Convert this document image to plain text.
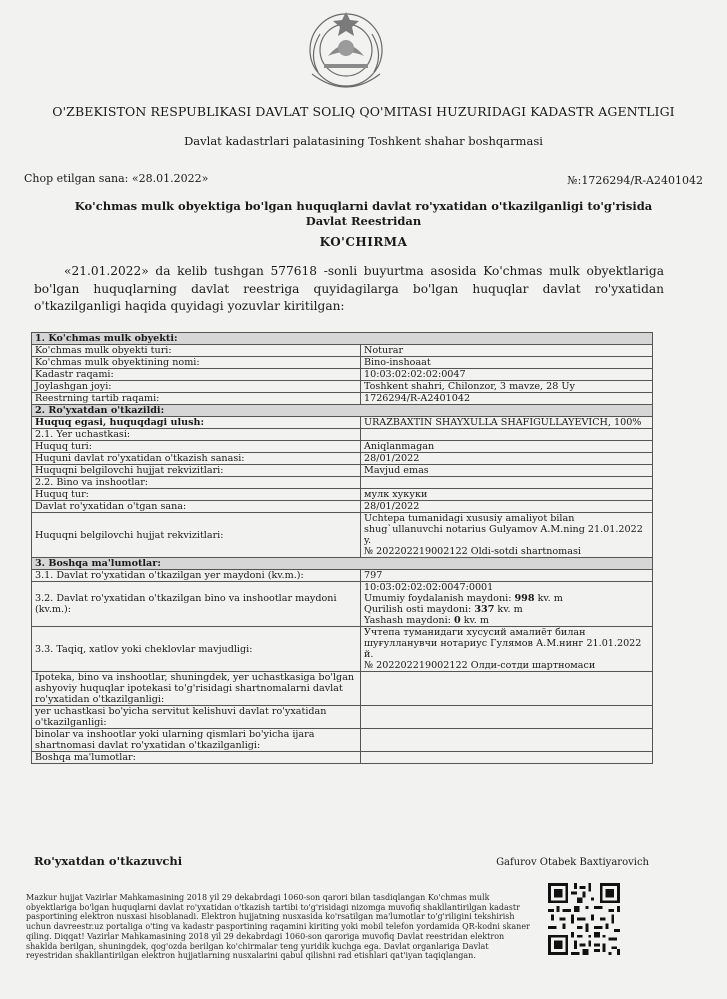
O'ZBEKISTON RESPUBLIKASI DAVLAT SOLIQ QO'MITASI HUZURIDAGI KADASTR AGENTLIGI
Davlat kadastrlari palatasining Toshkent shahar boshqarmasi
Chop etilgan sana: «28.01.2022»	№:1726294/R-A2401042
Ko'chmas mulk obyektiga bo'lgan huquqlarni davlat ro'yxatidan o'tkazilganligi to'g'risida Davlat Reestridan
KO'CHIRMA
«21.01.2022» da kelib tushgan 577618 -sonli buyurtma asosida Ko'chmas mulk obyektlariga bo'lgan huquqlarning davlat reestriga quyidagilarga bo'lgan huquqlar davlat ro'yxatidan o'tkazilganligi haqida quyidagi yozuvlar kiritilgan:
1. Ko'chmas mulk obyekti:	
Ko'chmas mulk obyekti turi:	Noturar
Ko'chmas mulk obyektining nomi:	Bino-inshoaat
Kadastr raqami:	10:03:02:02:02:0047
Joylashgan joyi:	Toshkent shahri, Chilonzor, 3 mavze, 28 Uy
Reestrning tartib raqami:	1726294/R-A2401042
2. Ro'yxatdan o'tkazildi:	
Huquq egasi, huquqdagi ulush:	URAZBAXTIN SHAYXULLA SHAFIGULLAYEVICH, 100%
2.1. Yer uchastkasi:	
Huquq turi:	Aniqlanmagan
Huquni davlat ro'yxatidan o'tkazish sanasi:	28/01/2022
Huquqni belgilovchi hujjat rekvizitlari:	Mavjud emas
2.2. Bino va inshootlar:	
Huquq tur:	мулк хукуки
Davlat ro'yxatidan o'tgan sana:	28/01/2022
Huquqni belgilovchi hujjat rekvizitlari:	Uchtepa tumanidagi xususiy amaliyot bilan shug`ullanuvchi notarius Gulyamov A.M.ning 21.01.2022 y.
№ 202202219002122 Oldi-sotdi shartnomasi
3. Boshqa ma'lumotlar:	
3.1. Davlat ro'yxatidan o'tkazilgan yer maydoni (kv.m.):	797
3.2. Davlat ro'yxatidan o'tkazilgan bino va inshootlar maydoni (kv.m.):	10:03:02:02:02:0047:0001
Umumiy foydalanish maydoni: 998 kv. m
Qurilish osti maydoni: 337 kv. m
Yashash maydoni: 0 kv. m

3.3. Taqiq, xatlov yoki cheklovlar mavjudligi:	Учтепа туманидаги хусусий амалиёт билан шуғулланувчи нотариус Гулямов А.М.нинг 21.01.2022 й.
№ 202202219002122 Олди-сотди шартномаси
Ipoteka, bino va inshootlar, shuningdek, yer uchastkasiga bo'lgan ashyoviy huquqlar ipotekasi to'g'risidagi shartnomalarni davlat ro'yxatidan o'tkazilganligi:	
yer uchastkasi bo'yicha servitut kelishuvi davlat ro'yxatidan o'tkazilganligi:	
binolar va inshootlar yoki ularning qismlari bo'yicha ijara shartnomasi davlat ro'yxatidan o'tkazilganligi:	
Boshqa ma'lumotlar:	
Ro'yxatdan o'tkazuvchi	Gafurov Otabek Baxtiyarovich
Mazkur hujjat Vazirlar Mahkamasining 2018 yil 29 dekabrdagi 1060-son qarori bilan tasdiqlangan Ko'chmas mulk obyektlariga bo'lgan huquqlarni davlat ro'yxatidan o'tkazish tartibi to'g'risidagi nizomga muvofiq shakllantirilgan kadastr pasportining elektron nusxasi hisoblanadi. Elektron hujjatning nusxasida ko'rsatilgan ma'lumotlar to'g'riligini tekshirish uchun davreestr.uz portaliga o'ting va kadastr pasportining raqamini kiriting yoki mobil telefon yordamida QR-kodni skaner qiling. Diqqat! Vazirlar Mahkamasining 2018 yil 29 dekabrdagi 1060-son qaroriga muvofiq Davlat reestridan elektron shaklda berilgan, shuningdek, qog'ozda berilgan ko'chirmalar teng yuridik kuchga ega. Davlat organlariga Davlat reyestridan shakllantirilgan elektron hujjatlarning nusxalarini qabul qilishni rad etishlari qat'iyan taqiqlangan.
